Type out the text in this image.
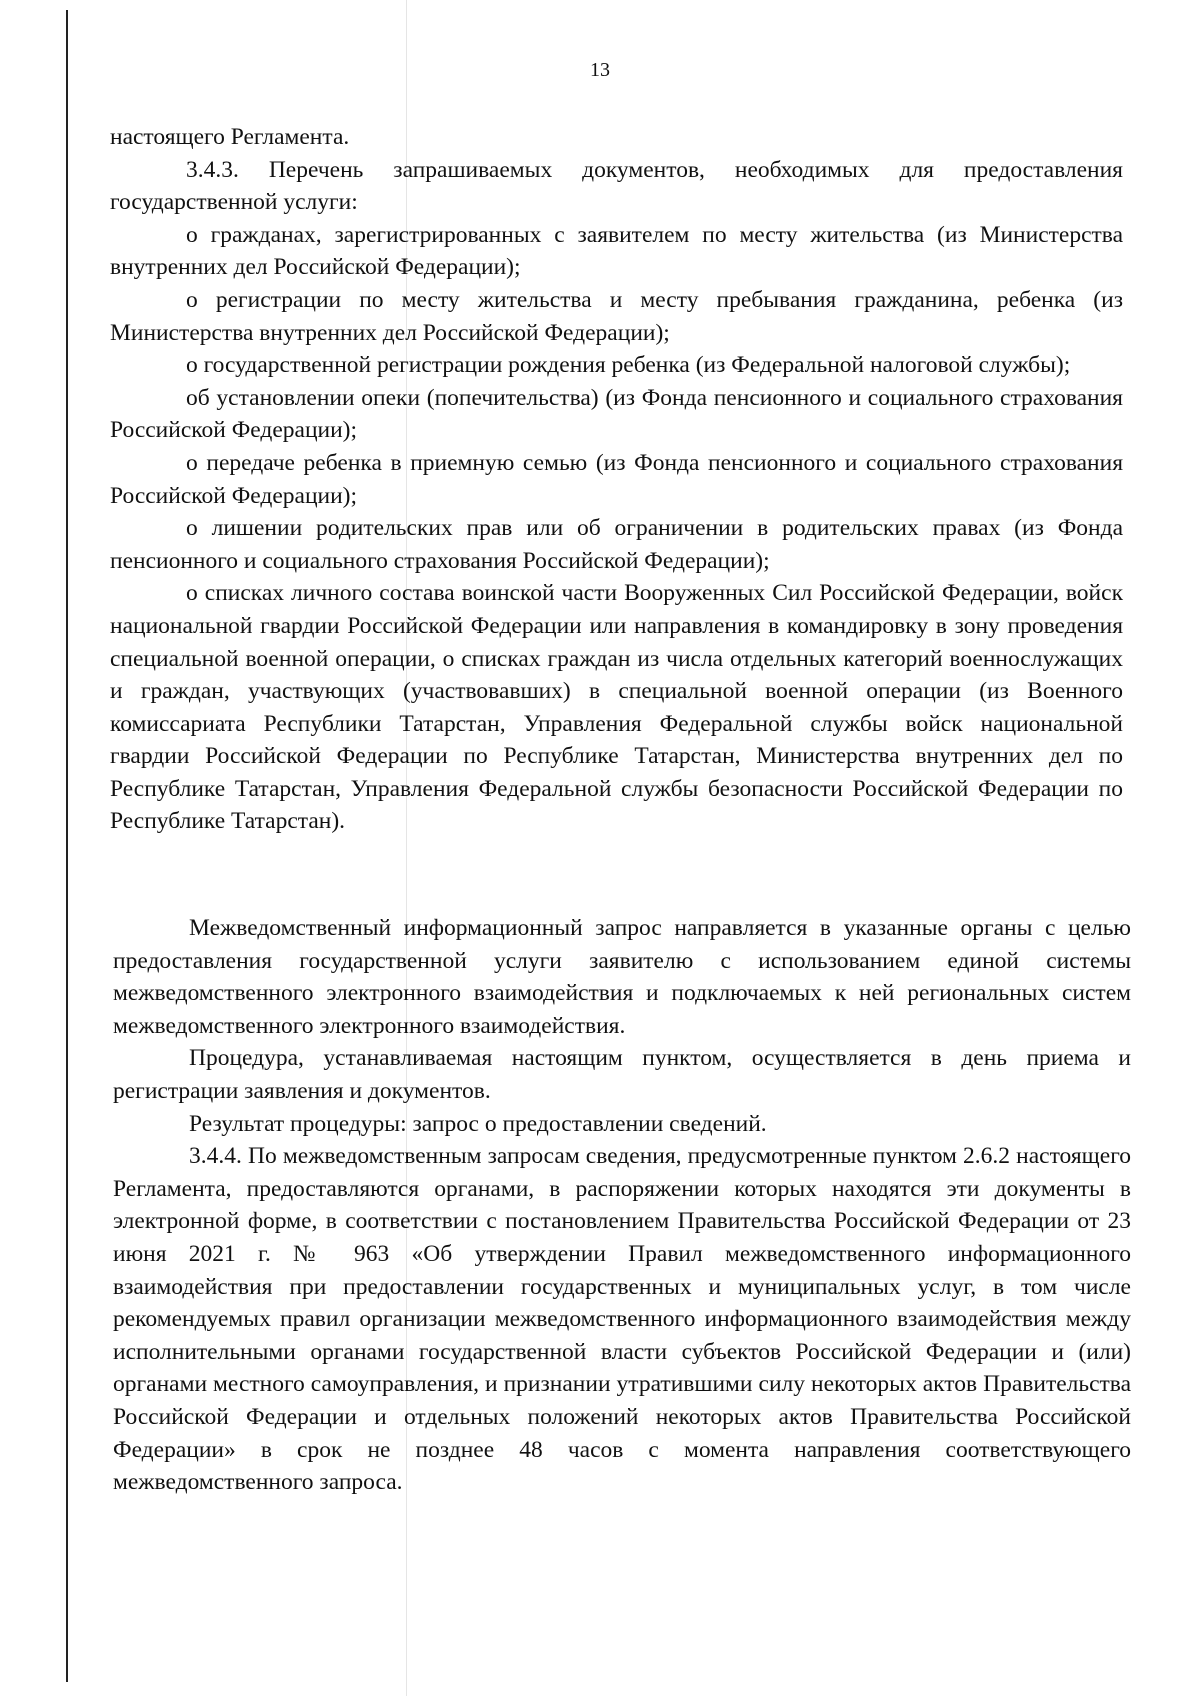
13

настоящего Регламента.

3.4.3. Перечень запрашиваемых документов, необходимых для предоставления государственной услуги:

о гражданах, зарегистрированных с заявителем по месту жительства (из Министерства внутренних дел Российской Федерации);

о регистрации по месту жительства и месту пребывания гражданина, ребенка (из Министерства внутренних дел Российской Федерации);

о государственной регистрации рождения ребенка (из Федеральной налоговой службы);

об установлении опеки (попечительства) (из Фонда пенсионного и социального страхования Российской Федерации);

о передаче ребенка в приемную семью (из Фонда пенсионного и социального страхования Российской Федерации);

о лишении родительских прав или об ограничении в родительских правах (из Фонда пенсионного и социального страхования Российской Федерации);

о списках личного состава воинской части Вооруженных Сил Российской Федерации, войск национальной гвардии Российской Федерации или направления в командировку в зону проведения специальной военной операции, о списках граждан из числа отдельных категорий военнослужащих и граждан, участвующих (участвовавших) в специальной военной операции (из Военного комиссариата Республики Татарстан, Управления Федеральной службы войск национальной гвардии Российской Федерации по Республике Татарстан, Министерства внутренних дел по Республике Татарстан, Управления Федеральной службы безопасности Российской Федерации по Республике Татарстан).

Межведомственный информационный запрос направляется в указанные органы с целью предоставления государственной услуги заявителю с использованием единой системы межведомственного электронного взаимодействия и подключаемых к ней региональных систем межведомственного электронного взаимодействия.

Процедура, устанавливаемая настоящим пунктом, осуществляется в день приема и регистрации заявления и документов.

Результат процедуры: запрос о предоставлении сведений.

3.4.4. По межведомственным запросам сведения, предусмотренные пунктом 2.6.2 настоящего Регламента, предоставляются органами, в распоряжении которых находятся эти документы в электронной форме, в соответствии с постановлением Правительства Российской Федерации от 23 июня 2021 г. № 963 «Об утверждении Правил межведомственного информационного взаимодействия при предоставлении государственных и муниципальных услуг, в том числе рекомендуемых правил организации межведомственного информационного взаимодействия между исполнительными органами государственной власти субъектов Российской Федерации и (или) органами местного самоуправления, и признании утратившими силу некоторых актов Правительства Российской Федерации и отдельных положений некоторых актов Правительства Российской Федерации» в срок не позднее 48 часов с момента направления соответствующего межведомственного запроса.
